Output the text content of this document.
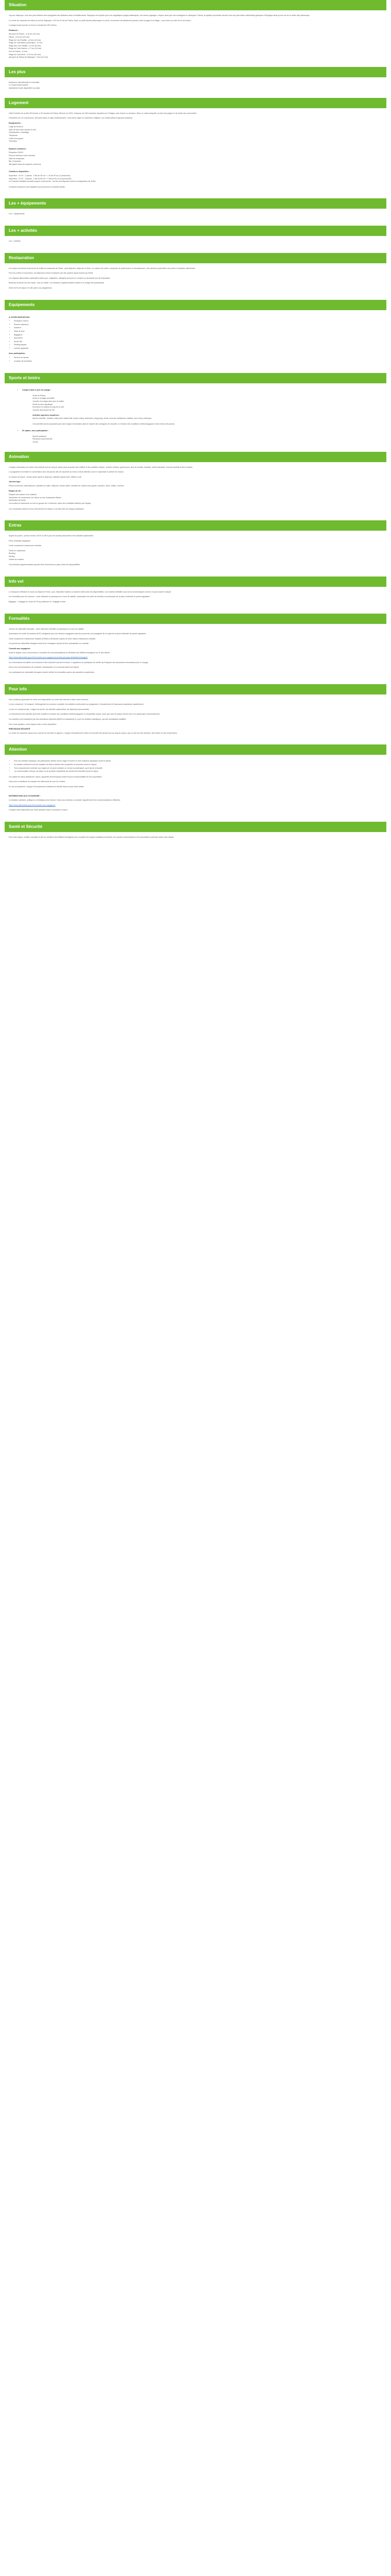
Situation

Cap sur Majorque, l'une des plus célèbres des espagnoles des Baléares dans la Méditerranée. Majorque est réputée pour ses magnifiques plages baléariques, ses beaux paysages, criques, ainsi que ses montagnes et calanques. Palma, la capitale provinciale dévoile l'une des plus belles cathédrales gothiques d'Espagne ainsi qu'une rue de la vieille ville pittoresque.

Le centre de vacances est situé au sud de Majorque, à 20 km à l'est de Palma. Dans ce petit hameau pittoresque et coloré, la structure est idéalement placée entre la plage et le village : vous serez au cœur de la vie locale !

La plage la plus proche se trouve à seulement 250 mètres.

Distances :
Aéroport de Palma : à 16 km (15 min)
Palma : à 24 km (20 min)
Plage de Can Pastilla : à 8 km (10 min)
Plage de Cala Blava (Llucmajor) : à 2 km
Plage des Can Pastilla : à 5 km (5 min)
Plage de Cala Gamba : à 7 km (10 min)
Port de Palma : à 5 km
Plage de Cala Nova : à 10 km (15 min)
Aéroport de Palma de Majorque : 8 km (10 min)
Les plus
Ambiance internationale et conviviale
Le Grand Supermarché
Assistance locale disponible sur place
Logement

Hôtel 3 étoiles de la ville d'El Arenal, à 30 minutes de Palma. Rénové en 2020, il dispose de 158 chambres réparties sur 5 étages, avec balcon ou terrasse. Dans un cadre tranquille, proche des plages et de toutes les commodités.

Chambres de 3 à 4 personnes, décorées dans un style méditerranéen. Vous serez logés en chambres multiples, non mixtes (filles et garçons séparés).

Equipements :
Linge de lit fourni
Salle de bain avec douche et WC
Climatisation / chauffage
Téléphone
Coffre-fort payant
Télévision
Espaces communs :
Réception 24h/24
Piscine extérieure avec transats
Salle de restaurant
Bar et terrasse
Wifi gratuit dans les espaces communs
Chambres disponibles :
Superficie : 20 m² - 3 places : 2 lits de 90 cm + 1 lit de 90 cm (3 personnes)
Superficie : 22 m² - 4 places : 2 lits de 90 cm + 2 lits de 90 cm (4 personnes)
La Chambre familiale accueille jusqu'à 4 personnes ; les lits sont disposés selon la configuration de l'hôtel.

Certaines chambres sont adaptées aux personnes à mobilité réduite.

Les + équipements

Les + équipements

Les + activités

Les + activités

Restauration

Les repas sont servis sous forme de buffet au restaurant de l'hôtel : petit-déjeuner, déjeuner et dîner. La cuisine est variée, composée de plats locaux et internationaux. Une attention particulière est portée à l'équilibre alimentaire.

Pour les sorties et excursions, les déjeuners seront remplacés par des paniers-repas fournis par l'hôtel.

Les régimes alimentaires particuliers (sans porc, végétarien, allergies) sont pris en compte sur demande lors de l'inscription.

Boissons incluses lors des repas : eau en carafe. Les boissons supplémentaires restent à la charge des participants.

Dîner de fin de séjour en ville (prévu au programme).

Equipements
A VOTRE DISPOSITION :
• Réception 24h/24
• Piscine extérieure
• Solarium
• Salle de jeux
• Bagagerie
• Ascenseur
• Accès wifi
• Parking payant
• Laverie (payante)
Avec participation :
• Service de laverie
• Location de serviettes
Sports et loisirs
• Compris dans le prix du voyage :
Visite de Palma
Accès à la plage surveillée
Journée à la plage avec jeux de ballon
Sortie au parc aquatique
Excursion en bateau le long de la côte
Journée découverte de l'île
Activités sportives encadrées :
Sports collectifs : football, volley-ball, basket-ball, beach-volley, badminton, ping-pong, tennis, tournois multisports, natation, jeux d'eau, pétanque.
Ces activités seront proposées par notre équipe d'animation dans le respect des consignes de sécurité, en fonction des conditions météorologiques et des envies des jeunes.
• En option, avec participation :
Sports nautiques
Parachute ascensionnel
Jet-ski
Animation

L'équipe d'animation du centre est présente tout au long du séjour pour proposer des veillées et des activités variées : soirées à thème, grands jeux, jeux de société, karaoké, soirée dansante, tournois sportifs et bien d'autres.

Le programme est établi en concertation avec les jeunes afin de répondre au mieux à leurs attentes, tout en respectant le rythme de chacun.

Le rythme du séjour : temps calme après le déjeuner, activités l'après-midi, veillée le soir.

Journée type :

Réveil échelonné, petit-déjeuner, activités du matin, déjeuner, temps calme, activités de l'après-midi, goûter, douches, dîner, veillée, coucher.

Règles de vie :
Respect des autres et du matériel
Interdiction de consommer de l'alcool ou des substances illicites
Interdiction de fumer
Les sorties en autonomie se font en groupe de 3 minimum, selon des modalités définies par l'équipe

Les encadrants veillent au bon déroulement du séjour et au bien-être de chaque participant.

Extras

Argent de poche : prévoir environ 100 € à 150 € pour les achats personnels et les activités optionnelles.

Pièce d'identité obligatoire.

Carte européenne d'assurance maladie.

Sortie en catamaran
Bowling
Karting
Visites de musées

Ces activités supplémentaires peuvent être réservées sur place selon les disponibilités.

Info vol

Le transport s'effectue en avion au départ de Paris, Lyon, Marseille, Nantes ou d'autres villes selon les disponibilités. Les horaires définitifs vous seront communiqués environ 10 jours avant le départ.

Les formalités pour les mineurs : carte d'identité ou passeport en cours de validité, autorisation de sortie du territoire et photocopie de la pièce d'identité du parent signataire.

Bagages : 1 bagage en soute de 20 kg maximum et 1 bagage à main.

Formalités

Jeunes de nationalité française : carte nationale d'identité ou passeport en cours de validité.

Autorisation de sortie du territoire (AST) obligatoire pour les mineurs voyageant sans leurs parents, accompagnée de la copie de la pièce d'identité du parent signataire.

Carte européenne d'assurance maladie (CEAM) à demander auprès de votre caisse d'assurance maladie.

Les jeunes de nationalité étrangère doivent se renseigner auprès de leur ambassade ou consulat.

Conseils aux voyageurs :

Avant le départ, nous vous invitons à consulter les recommandations du Ministère des Affaires étrangères sur le site officiel :

https://www.diplomatie.gouv.fr/fr/conseils-aux-voyageurs/conseils-par-pays-destination/espagne/

Les informations formalités sont données à titre indicatif et peuvent évoluer. Il appartient au participant de vérifier qu'il dispose des documents nécessaires pour le voyage.

Nous vous recommandons de contacter l'ambassade ou le consulat avant tout départ.

Les participants de nationalité étrangère doivent vérifier les formalités auprès des autorités compétentes.

Pour info

Nos conditions générales de vente sont disponibles sur notre site internet et dans notre brochure.

Le prix comprend : le transport, l'hébergement en pension complète, les activités mentionnées au programme, l'encadrement et l'assurance assistance rapatriement.

Le prix ne comprend pas : l'argent de poche, les activités optionnelles, les dépenses personnelles.

Le déroulement des activités peut être modifié en fonction des conditions météorologiques ou d'impératifs locaux, sans que cela ne puisse donner lieu à un quelconque remboursement.

Les activités sont encadrées par des animateurs diplômés (BAFA ou équivalent) et, pour les activités spécifiques, par des prestataires qualifiés.

Pour toute question, notre équipe reste à votre disposition.

PRÉCISIONS SÉCURITÉ

Le centre de vacances répond aux normes de sécurité en vigueur. L'équipe d'encadrement veille à la sécurité des jeunes tout au long du séjour, que ce soit lors des activités, des sorties ou des temps libres.

Attention
• Pour les activités nautiques, les participants doivent savoir nager et fournir un test d'aisance aquatique avant le départ.
• Un dossier médical et la fiche sanitaire de liaison doivent être complétés et retournés avant le départ.
• Tout comportement contraire aux règles de vie peut entraîner un renvoi du participant, aux frais de la famille.
• La consommation d'alcool, de tabac ou de produits stupéfiants est strictement interdite durant le séjour.

Les objets de valeur (téléphone, bijoux, appareils électroniques) restent sous la responsabilité de leur propriétaire.

Nous vous conseillons de marquer les vêtements au nom de l'enfant.

En cas de problème, l'équipe d'encadrement contactera la famille dans les plus brefs délais.

INFORMATIONS AUX VOYAGEURS :

La situation sanitaire, politique ou climatique peut évoluer. Nous vous invitons à consulter régulièrement les recommandations officielles.

https://www.diplomatie.gouv.fr/fr/conseils-aux-voyageurs/

L'équipe reste disponible pour toute question avant et pendant le séjour.

Santé et Sécurité

Pour votre séjour, veuillez consulter le site du ministère des Affaires étrangères pour connaître les risques sanitaires éventuels, les vaccins recommandés et les précautions à prendre avant votre départ.
